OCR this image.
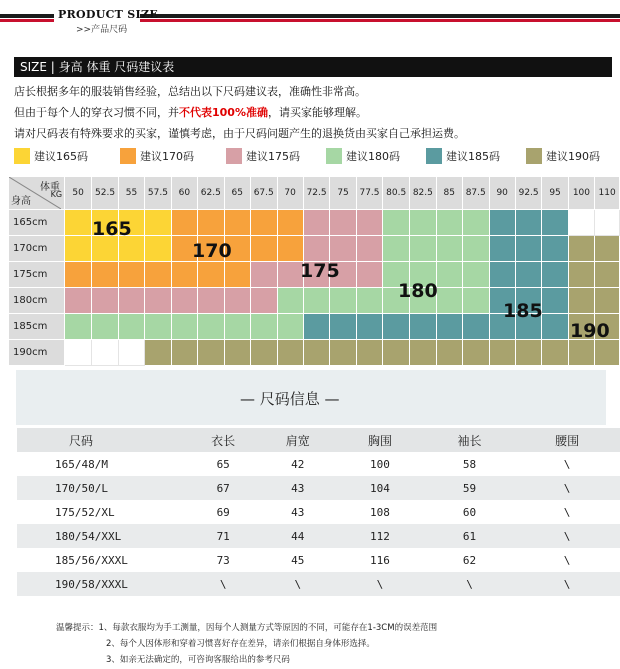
PRODUCT SIZE
>>产品尺码
SIZE | 身高 体重 尺码建议表
店长根据多年的服装销售经验，总结出以下尺码建议表，准确性非常高。
但由于每个人的穿衣习惯不同，并不代表100%准确，请买家能够理解。
请对尺码表有特殊要求的买家，谨慎考虑，由于尺码问题产生的退换货由买家自己承担运费。
建议165码	建议170码	建议175码	建议180码	建议185码	建议190码
体重
KG
身高	50	52.5	55	57.5	60	62.5	65	67.5	70	72.5	75	77.5	80.5	82.5	85	87.5	90	92.5	95	100	110
165cm																					
170cm																					
175cm																					
180cm																					
185cm																					
190cm																					
165
170
175
180
185
190
— 尺码信息 —
尺码	衣长	肩宽	胸围	袖长	腰围
165/48/M	65	42	100	58	\
170/50/L	67	43	104	59	\
175/52/XL	69	43	108	60	\
180/54/XXL	71	44	112	61	\
185/56/XXXL	73	45	116	62	\
190/58/XXXL	\	\	\	\	\
温馨提示：1、每款衣服均为手工测量，因每个人测量方式等原因的不同，可能存在1-3CM的误差范围
2、每个人因体形和穿着习惯喜好存在差异，请亲们根据自身体形选择。
3、如亲无法确定的，可咨询客服给出的参考尺码
